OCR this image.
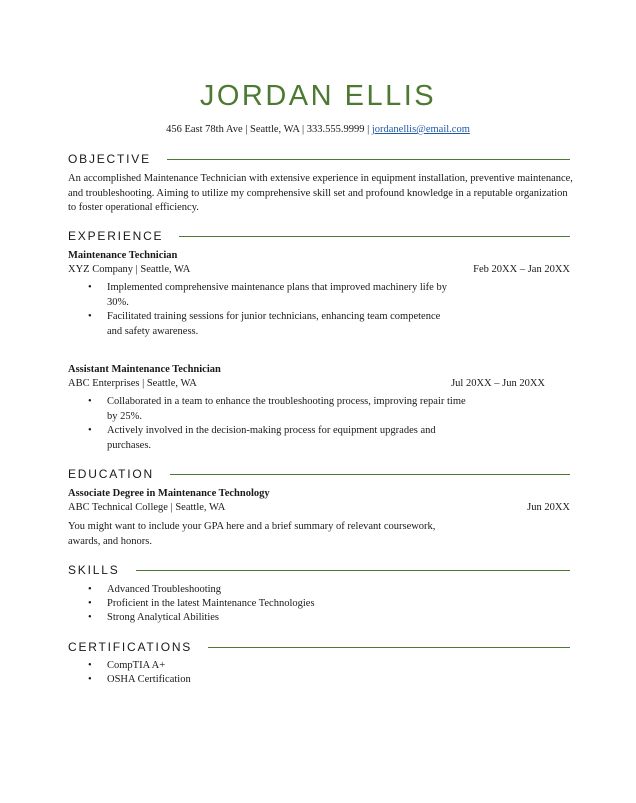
JORDAN ELLIS
456 East 78th Ave | Seattle, WA | 333.555.9999 | jordanellis@email.com
OBJECTIVE
An accomplished Maintenance Technician with extensive experience in equipment installation, preventive maintenance, and troubleshooting. Aiming to utilize my comprehensive skill set and profound knowledge in a reputable organization to foster operational efficiency.
EXPERIENCE
Maintenance Technician
XYZ Company | Seattle, WA	Feb 20XX – Jan 20XX
• Implemented comprehensive maintenance plans that improved machinery life by 30%.
• Facilitated training sessions for junior technicians, enhancing team competence and safety awareness.
Assistant Maintenance Technician
ABC Enterprises | Seattle, WA	Jul 20XX – Jun 20XX
• Collaborated in a team to enhance the troubleshooting process, improving repair time by 25%.
• Actively involved in the decision-making process for equipment upgrades and purchases.
EDUCATION
Associate Degree in Maintenance Technology
ABC Technical College | Seattle, WA	Jun 20XX
You might want to include your GPA here and a brief summary of relevant coursework, awards, and honors.
SKILLS
• Advanced Troubleshooting
• Proficient in the latest Maintenance Technologies
• Strong Analytical Abilities
CERTIFICATIONS
• CompTIA A+
• OSHA Certification
